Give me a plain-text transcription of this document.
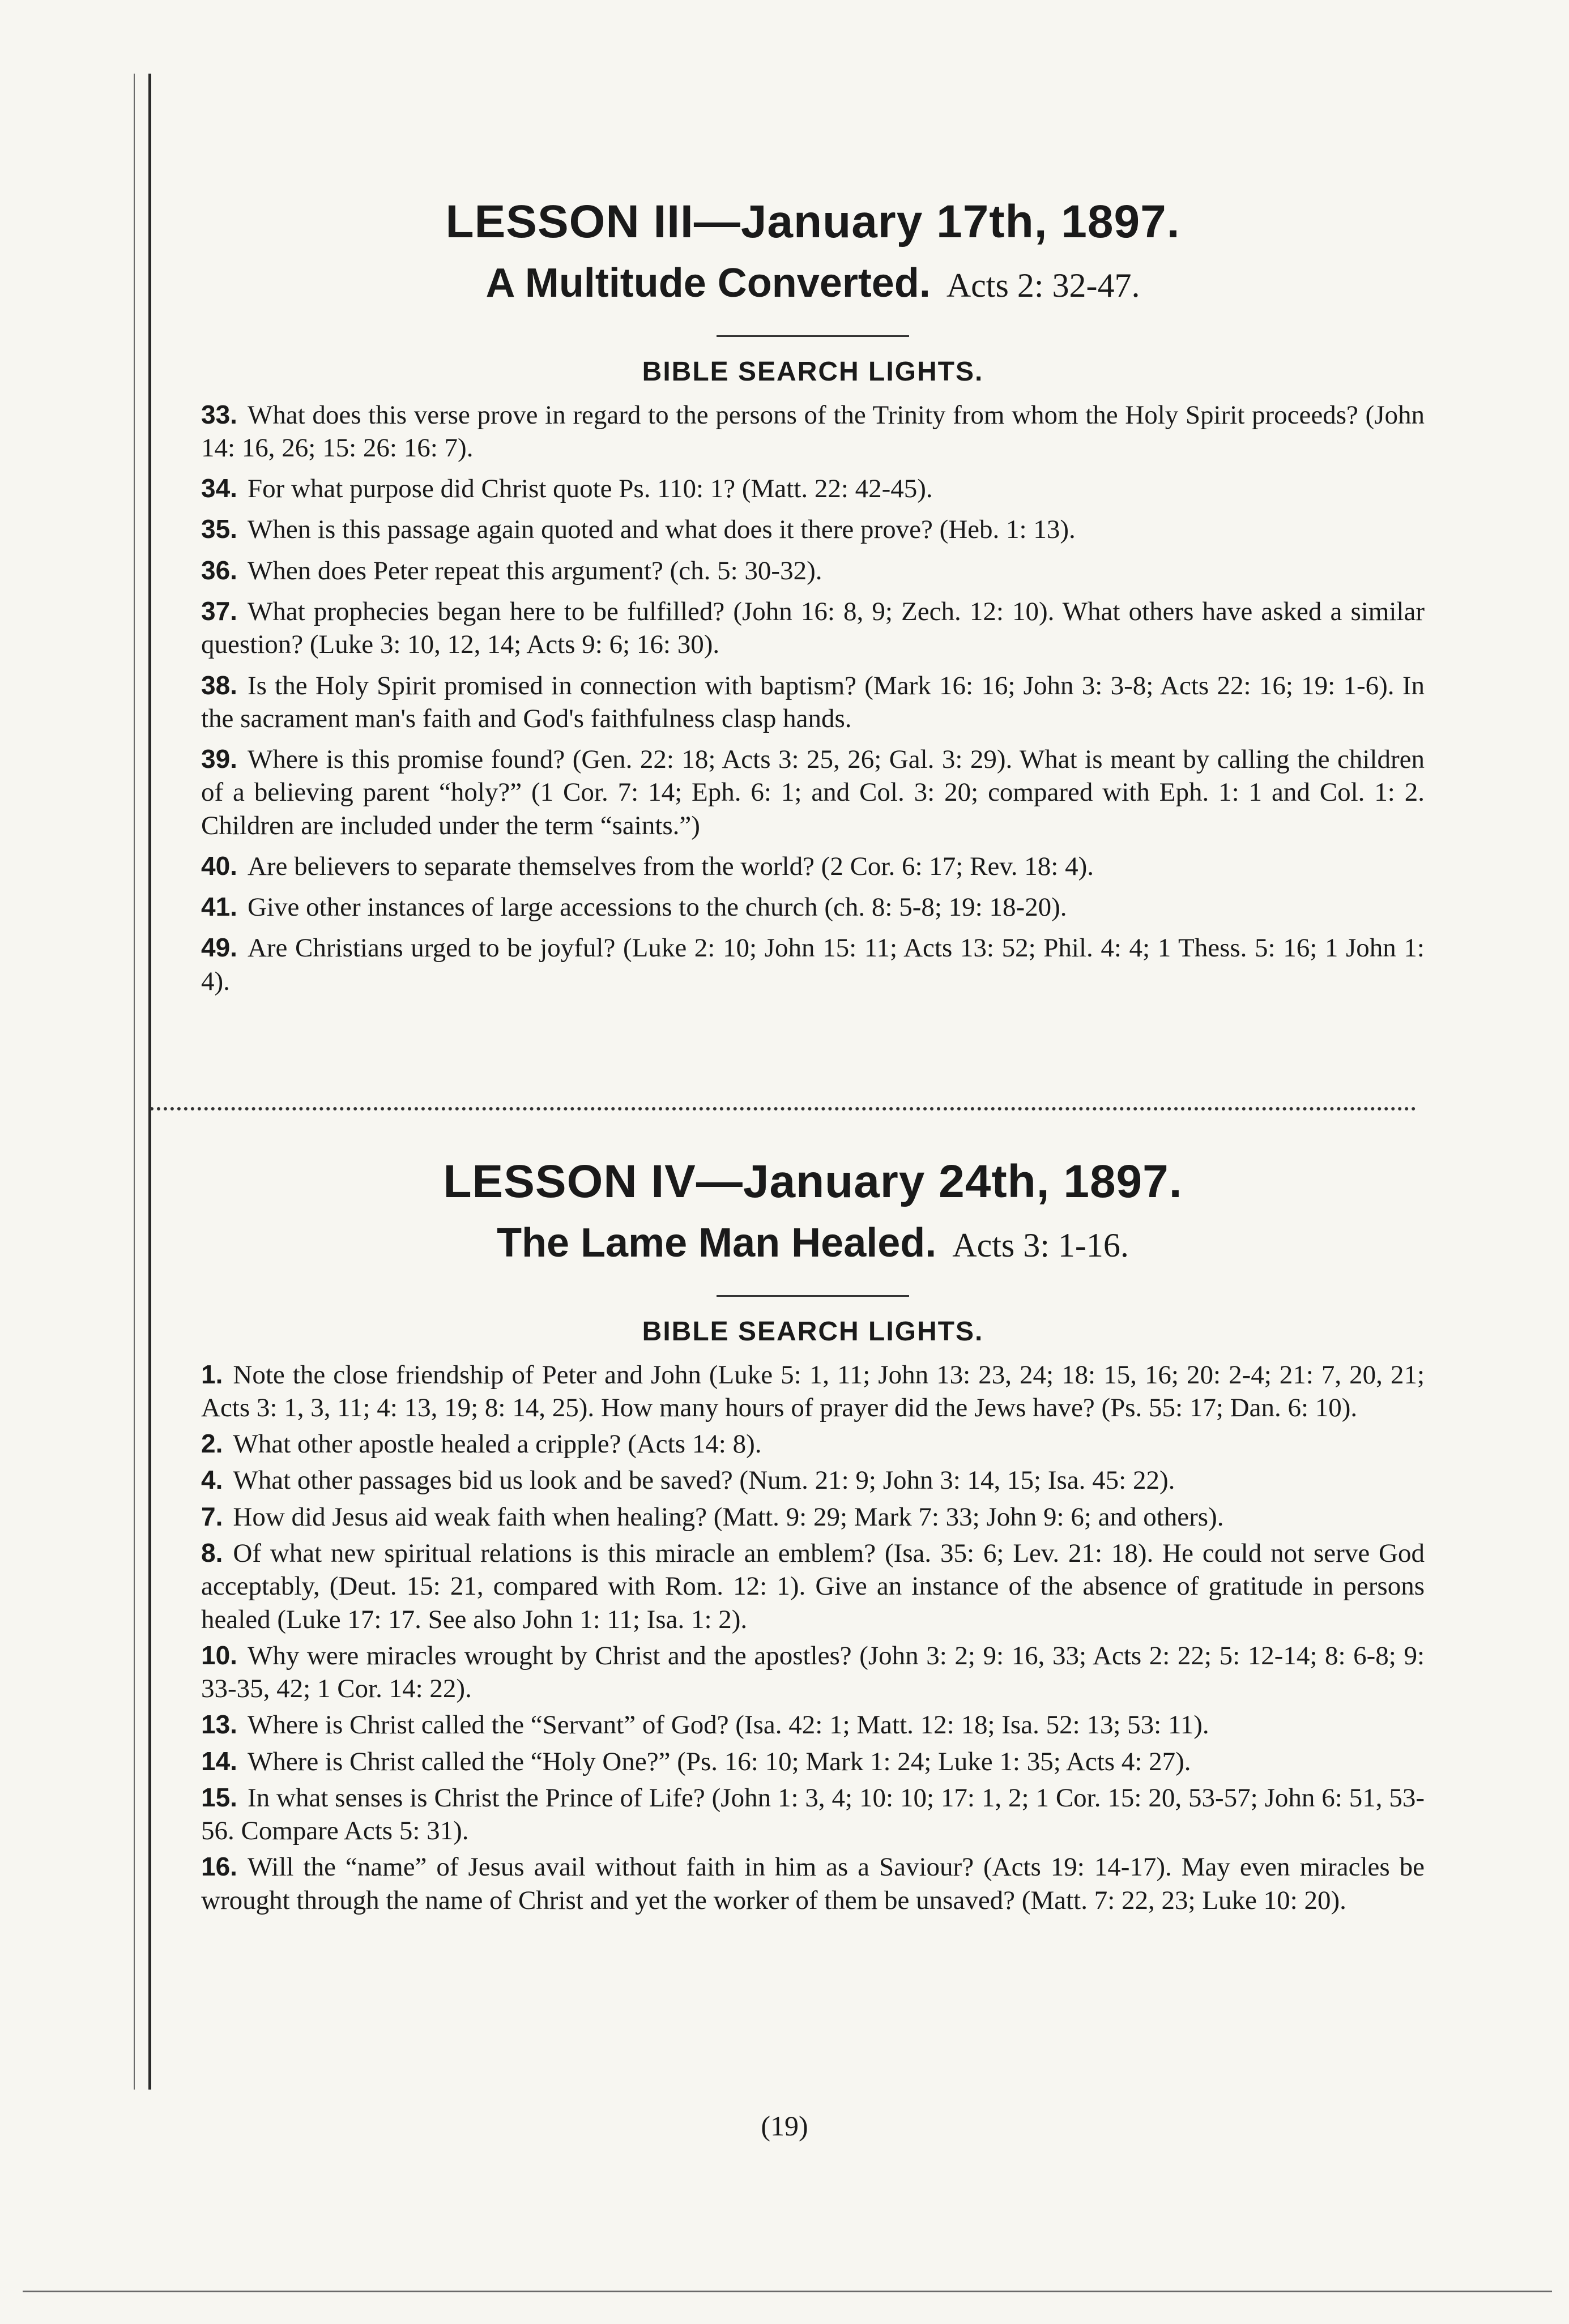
LESSON III—January 17th, 1897.

A Multitude Converted. Acts 2: 32-47.

BIBLE SEARCH LIGHTS.

33. What does this verse prove in regard to the persons of the Trinity from whom the Holy Spirit proceeds? (John 14: 16, 26; 15: 26: 16: 7).

34. For what purpose did Christ quote Ps. 110: 1? (Matt. 22: 42-45).

35. When is this passage again quoted and what does it there prove? (Heb. 1: 13).

36. When does Peter repeat this argument? (ch. 5: 30-32).

37. What prophecies began here to be fulfilled? (John 16: 8, 9; Zech. 12: 10). What others have asked a similar question? (Luke 3: 10, 12, 14; Acts 9: 6; 16: 30).

38. Is the Holy Spirit promised in connection with baptism? (Mark 16: 16; John 3: 3-8; Acts 22: 16; 19: 1-6). In the sacrament man's faith and God's faithfulness clasp hands.

39. Where is this promise found? (Gen. 22: 18; Acts 3: 25, 26; Gal. 3: 29). What is meant by calling the children of a believing parent “holy?” (1 Cor. 7: 14; Eph. 6: 1; and Col. 3: 20; compared with Eph. 1: 1 and Col. 1: 2. Children are included under the term “saints.”)

40. Are believers to separate themselves from the world? (2 Cor. 6: 17; Rev. 18: 4).

41. Give other instances of large accessions to the church (ch. 8: 5-8; 19: 18-20).

49. Are Christians urged to be joyful? (Luke 2: 10; John 15: 11; Acts 13: 52; Phil. 4: 4; 1 Thess. 5: 16; 1 John 1: 4).

LESSON IV—January 24th, 1897.

The Lame Man Healed. Acts 3: 1-16.

BIBLE SEARCH LIGHTS.

1. Note the close friendship of Peter and John (Luke 5: 1, 11; John 13: 23, 24; 18: 15, 16; 20: 2-4; 21: 7, 20, 21; Acts 3: 1, 3, 11; 4: 13, 19; 8: 14, 25). How many hours of prayer did the Jews have? (Ps. 55: 17; Dan. 6: 10).

2. What other apostle healed a cripple? (Acts 14: 8).

4. What other passages bid us look and be saved? (Num. 21: 9; John 3: 14, 15; Isa. 45: 22).

7. How did Jesus aid weak faith when healing? (Matt. 9: 29; Mark 7: 33; John 9: 6; and others).

8. Of what new spiritual relations is this miracle an emblem? (Isa. 35: 6; Lev. 21: 18). He could not serve God acceptably, (Deut. 15: 21, compared with Rom. 12: 1). Give an instance of the absence of gratitude in persons healed (Luke 17: 17. See also John 1: 11; Isa. 1: 2).

10. Why were miracles wrought by Christ and the apostles? (John 3: 2; 9: 16, 33; Acts 2: 22; 5: 12-14; 8: 6-8; 9: 33-35, 42; 1 Cor. 14: 22).

13. Where is Christ called the “Servant” of God? (Isa. 42: 1; Matt. 12: 18; Isa. 52: 13; 53: 11).

14. Where is Christ called the “Holy One?” (Ps. 16: 10; Mark 1: 24; Luke 1: 35; Acts 4: 27).

15. In what senses is Christ the Prince of Life? (John 1: 3, 4; 10: 10; 17: 1, 2; 1 Cor. 15: 20, 53-57; John 6: 51, 53-56. Compare Acts 5: 31).

16. Will the “name” of Jesus avail without faith in him as a Saviour? (Acts 19: 14-17). May even miracles be wrought through the name of Christ and yet the worker of them be unsaved? (Matt. 7: 22, 23; Luke 10: 20).

(19)
